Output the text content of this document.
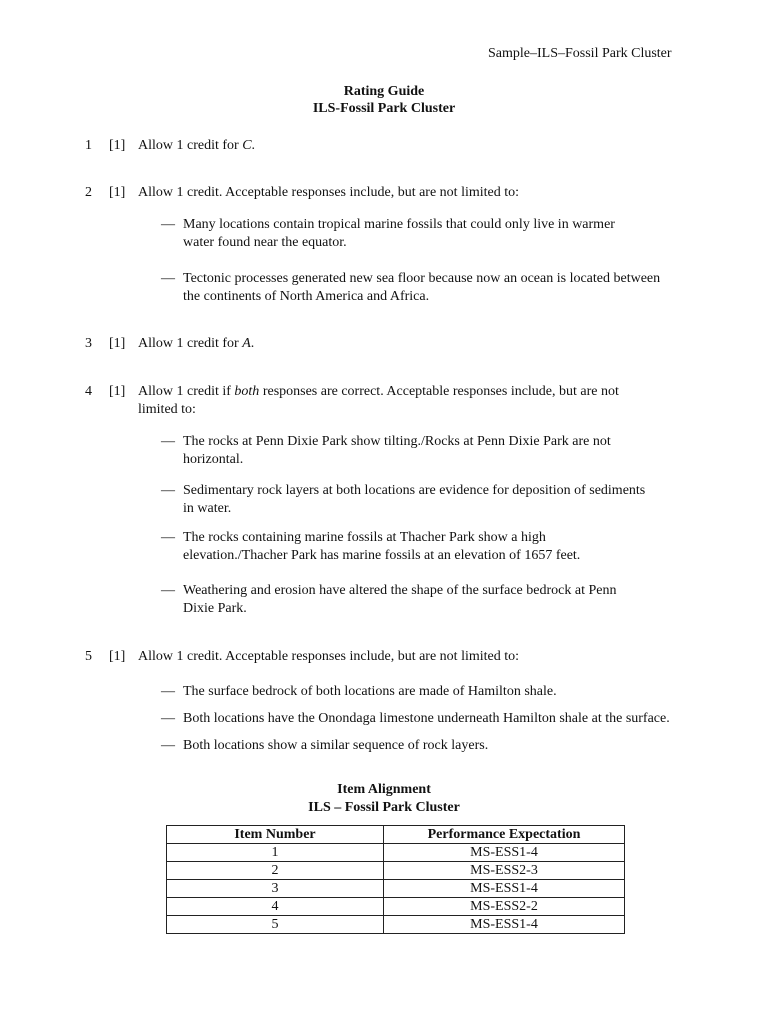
Sample–ILS–Fossil Park Cluster
Rating Guide
ILS-Fossil Park Cluster
1 [1] Allow 1 credit for C.
2 [1] Allow 1 credit. Acceptable responses include, but are not limited to:
— Many locations contain tropical marine fossils that could only live in warmer
water found near the equator.
— Tectonic processes generated new sea floor because now an ocean is located between
the continents of North America and Africa.
3 [1] Allow 1 credit for A.
4 [1] Allow 1 credit if both responses are correct. Acceptable responses include, but are not
limited to:
— The rocks at Penn Dixie Park show tilting./Rocks at Penn Dixie Park are not
horizontal.
— Sedimentary rock layers at both locations are evidence for deposition of sediments
in water.
— The rocks containing marine fossils at Thacher Park show a high
elevation./Thacher Park has marine fossils at an elevation of 1657 feet.
— Weathering and erosion have altered the shape of the surface bedrock at Penn
Dixie Park.
5 [1] Allow 1 credit. Acceptable responses include, but are not limited to:
— The surface bedrock of both locations are made of Hamilton shale.
— Both locations have the Onondaga limestone underneath Hamilton shale at the surface.
— Both locations show a similar sequence of rock layers.
Item Alignment
ILS – Fossil Park Cluster
Item Number	Performance Expectation
1	MS-ESS1-4
2	MS-ESS2-3
3	MS-ESS1-4
4	MS-ESS2-2
5	MS-ESS1-4
